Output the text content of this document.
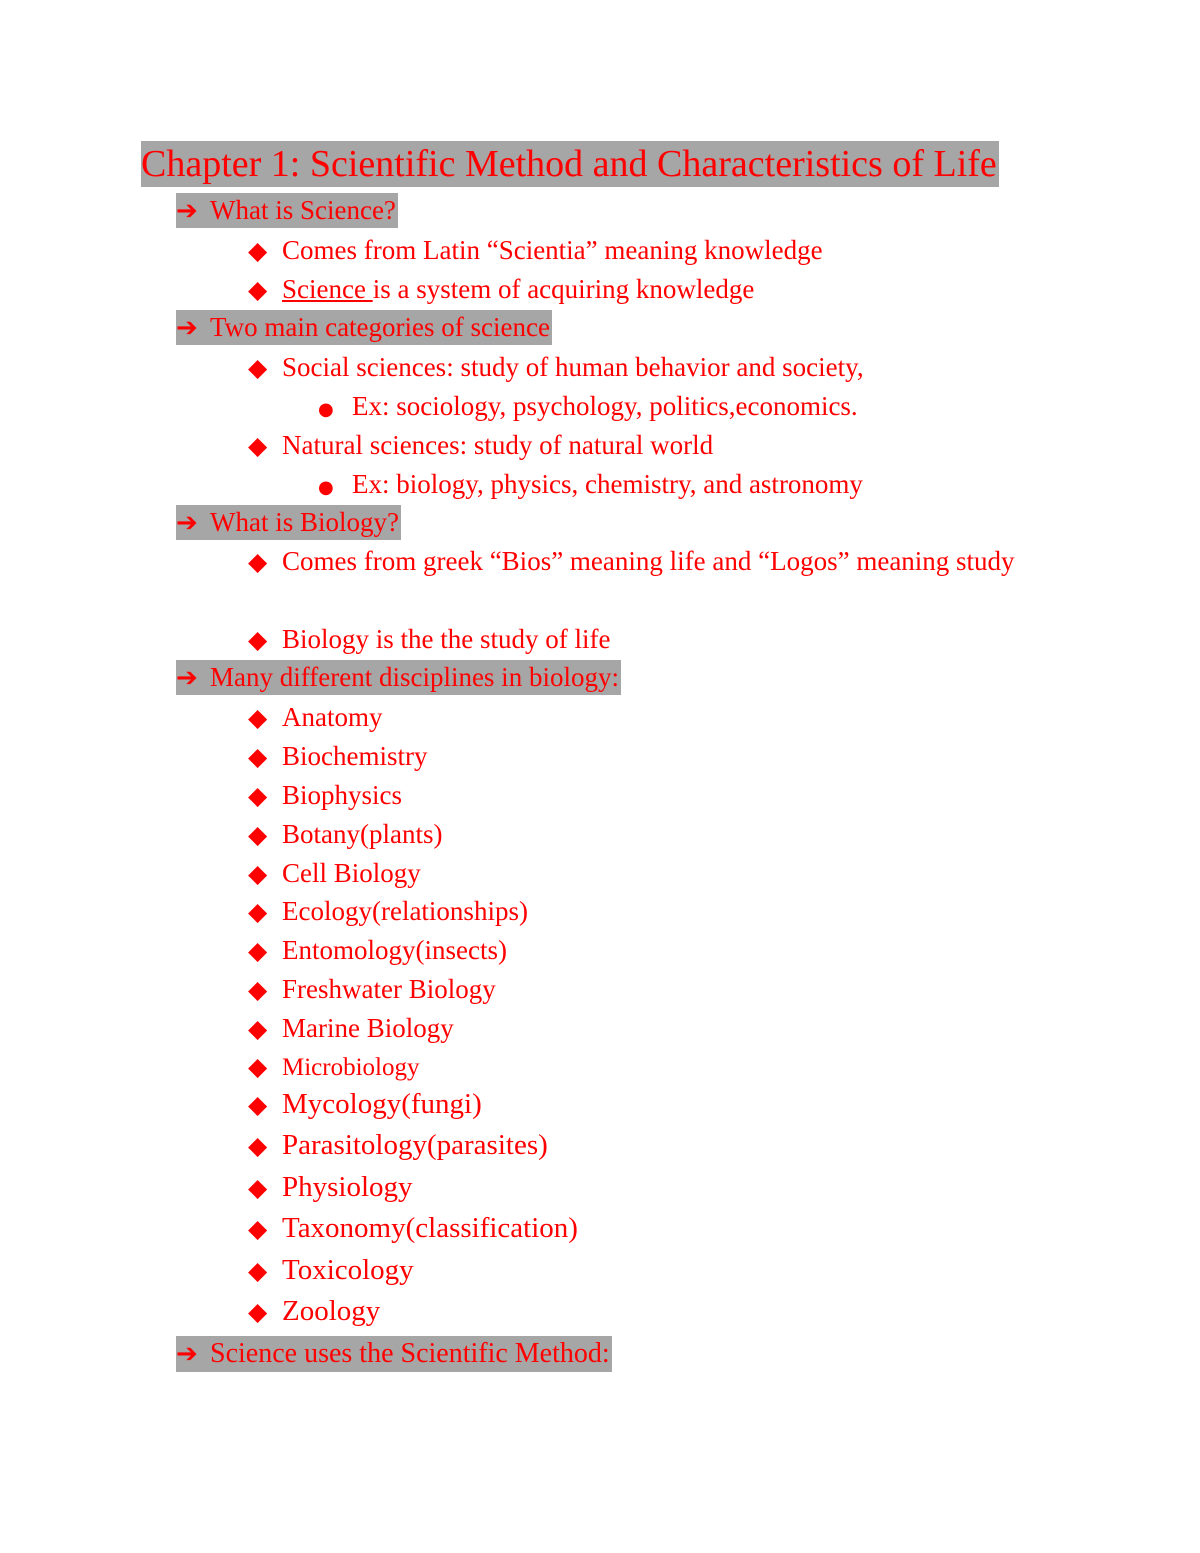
Chapter 1: Scientific Method and Characteristics of Life
➔ What is Science?
◆ Comes from Latin “Scientia” meaning knowledge
◆ Science is a system of acquiring knowledge
➔ Two main categories of science
◆ Social sciences: study of human behavior and society,
● Ex: sociology, psychology, politics,economics.
◆ Natural sciences: study of natural world
● Ex: biology, physics, chemistry, and astronomy
➔ What is Biology?
◆ Comes from greek “Bios” meaning life and “Logos” meaning study
◆ Biology is the the study of life
➔ Many different disciplines in biology:
◆ Anatomy
◆ Biochemistry
◆ Biophysics
◆ Botany(plants)
◆ Cell Biology
◆ Ecology(relationships)
◆ Entomology(insects)
◆ Freshwater Biology
◆ Marine Biology
◆ Microbiology
◆ Mycology(fungi)
◆ Parasitology(parasites)
◆ Physiology
◆ Taxonomy(classification)
◆ Toxicology
◆ Zoology
➔ Science uses the Scientific Method:
